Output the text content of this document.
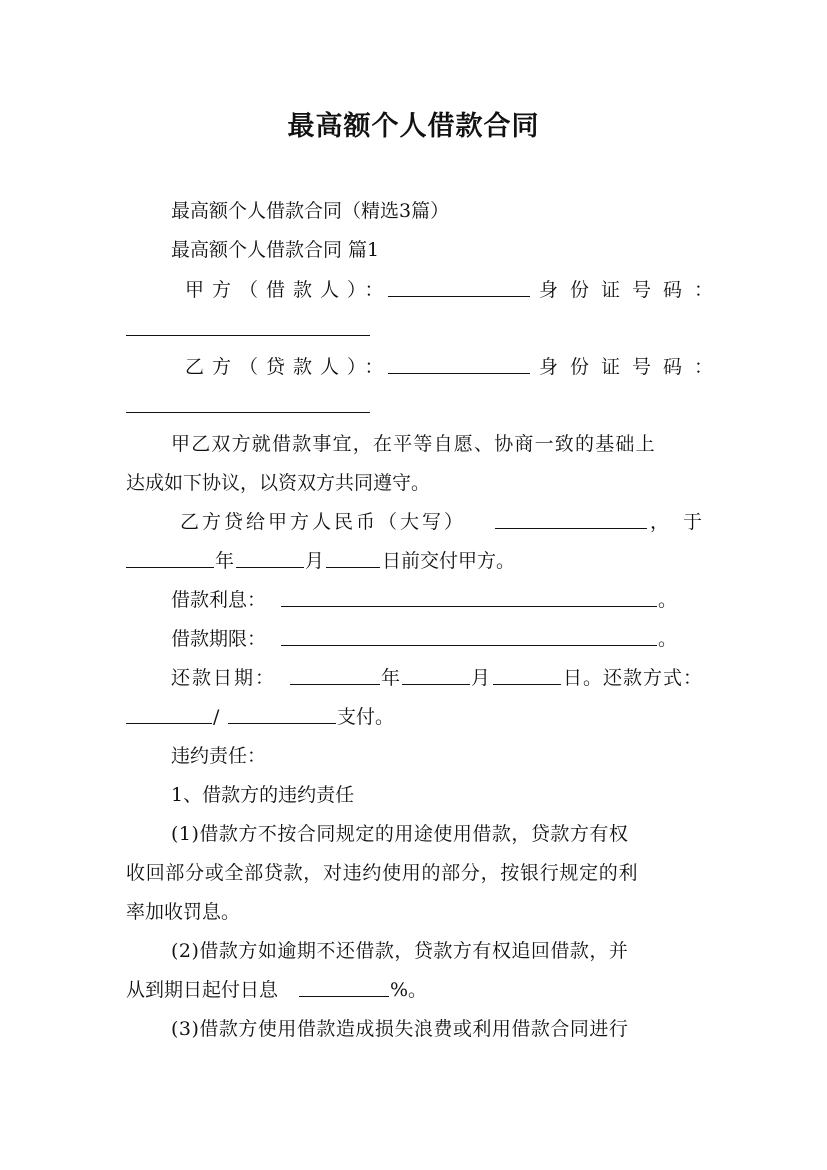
最高额个人借款合同
最高额个人借款合同（精选3篇）
最高额个人借款合同 篇1
甲方（借款人）：	身份证号码：
乙方（贷款人）：	身份证号码：
甲乙双方就借款事宜，在平等自愿、协商一致的基础上
达成如下协议，以资双方共同遵守。
乙方贷给甲方人民币（大写）	， 于
年	月	日前交付甲方。
借款利息：	。
借款期限：	。
还款日期：	年	月	日。还款方式：
/	支付。
违约责任：
1、借款方的违约责任
(1)借款方不按合同规定的用途使用借款，贷款方有权
收回部分或全部贷款，对违约使用的部分，按银行规定的利
率加收罚息。
(2)借款方如逾期不还借款，贷款方有权追回借款，并
从到期日起付日息	%。
(3)借款方使用借款造成损失浪费或利用借款合同进行
